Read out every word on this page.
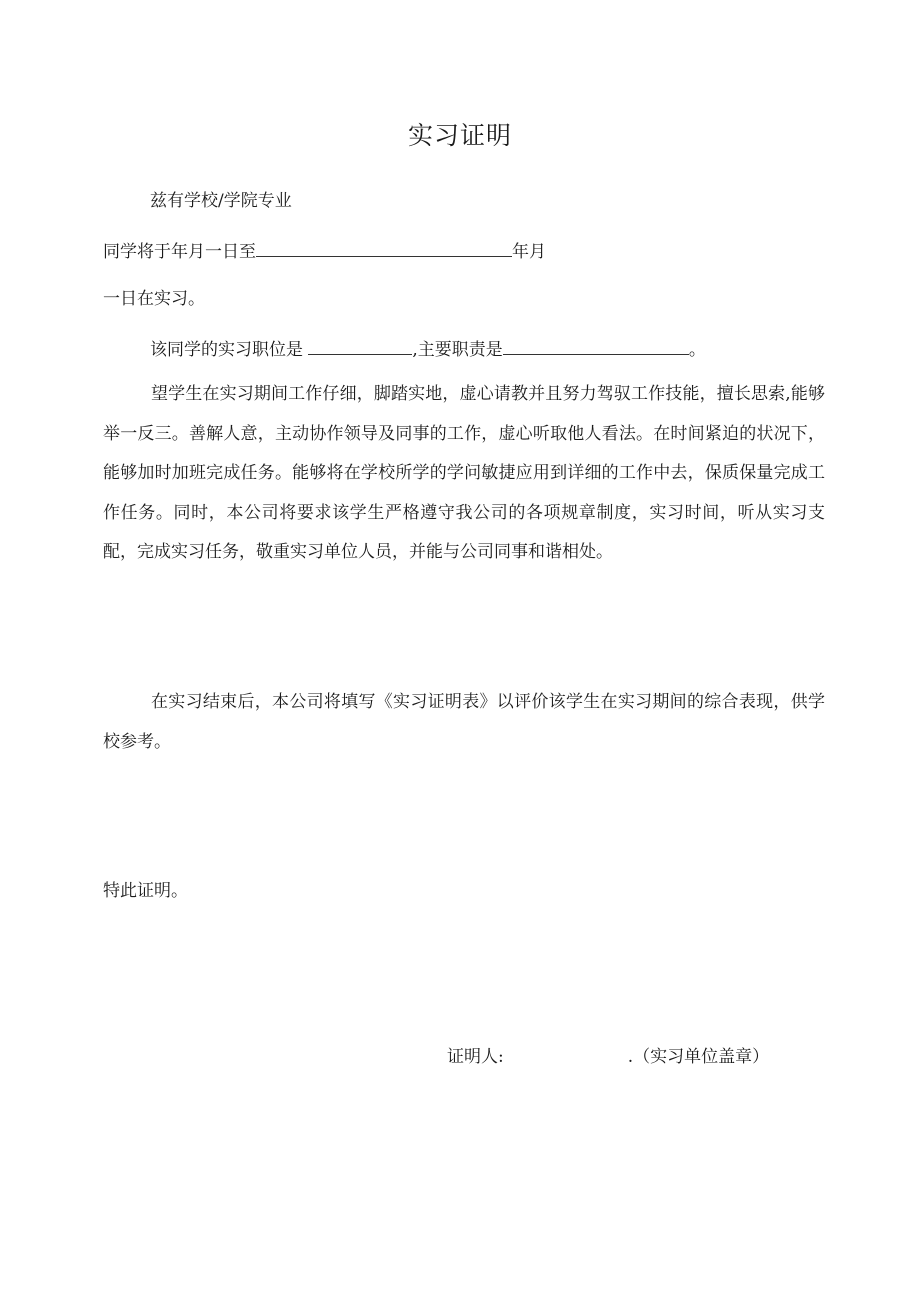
实习证明
兹有学校/学院专业
同学将于年月一日至	年月
一日在实习。
该同学的实习职位是	,主要职责是	。
望学生在实习期间工作仔细，脚踏实地，虚心请教并且努力驾驭工作技能，擅长思索,能够举一反三。善解人意，主动协作领导及同事的工作，虚心听取他人看法。在时间紧迫的状况下，能够加时加班完成任务。能够将在学校所学的学问敏捷应用到详细的工作中去，保质保量完成工作任务。同时，本公司将要求该学生严格遵守我公司的各项规章制度，实习时间，听从实习支配，完成实习任务，敬重实习单位人员，并能与公司同事和谐相处。
在实习结束后，本公司将填写《实习证明表》以评价该学生在实习期间的综合表现，供学校参考。
特此证明。
证明人:	.（实习单位盖章）
